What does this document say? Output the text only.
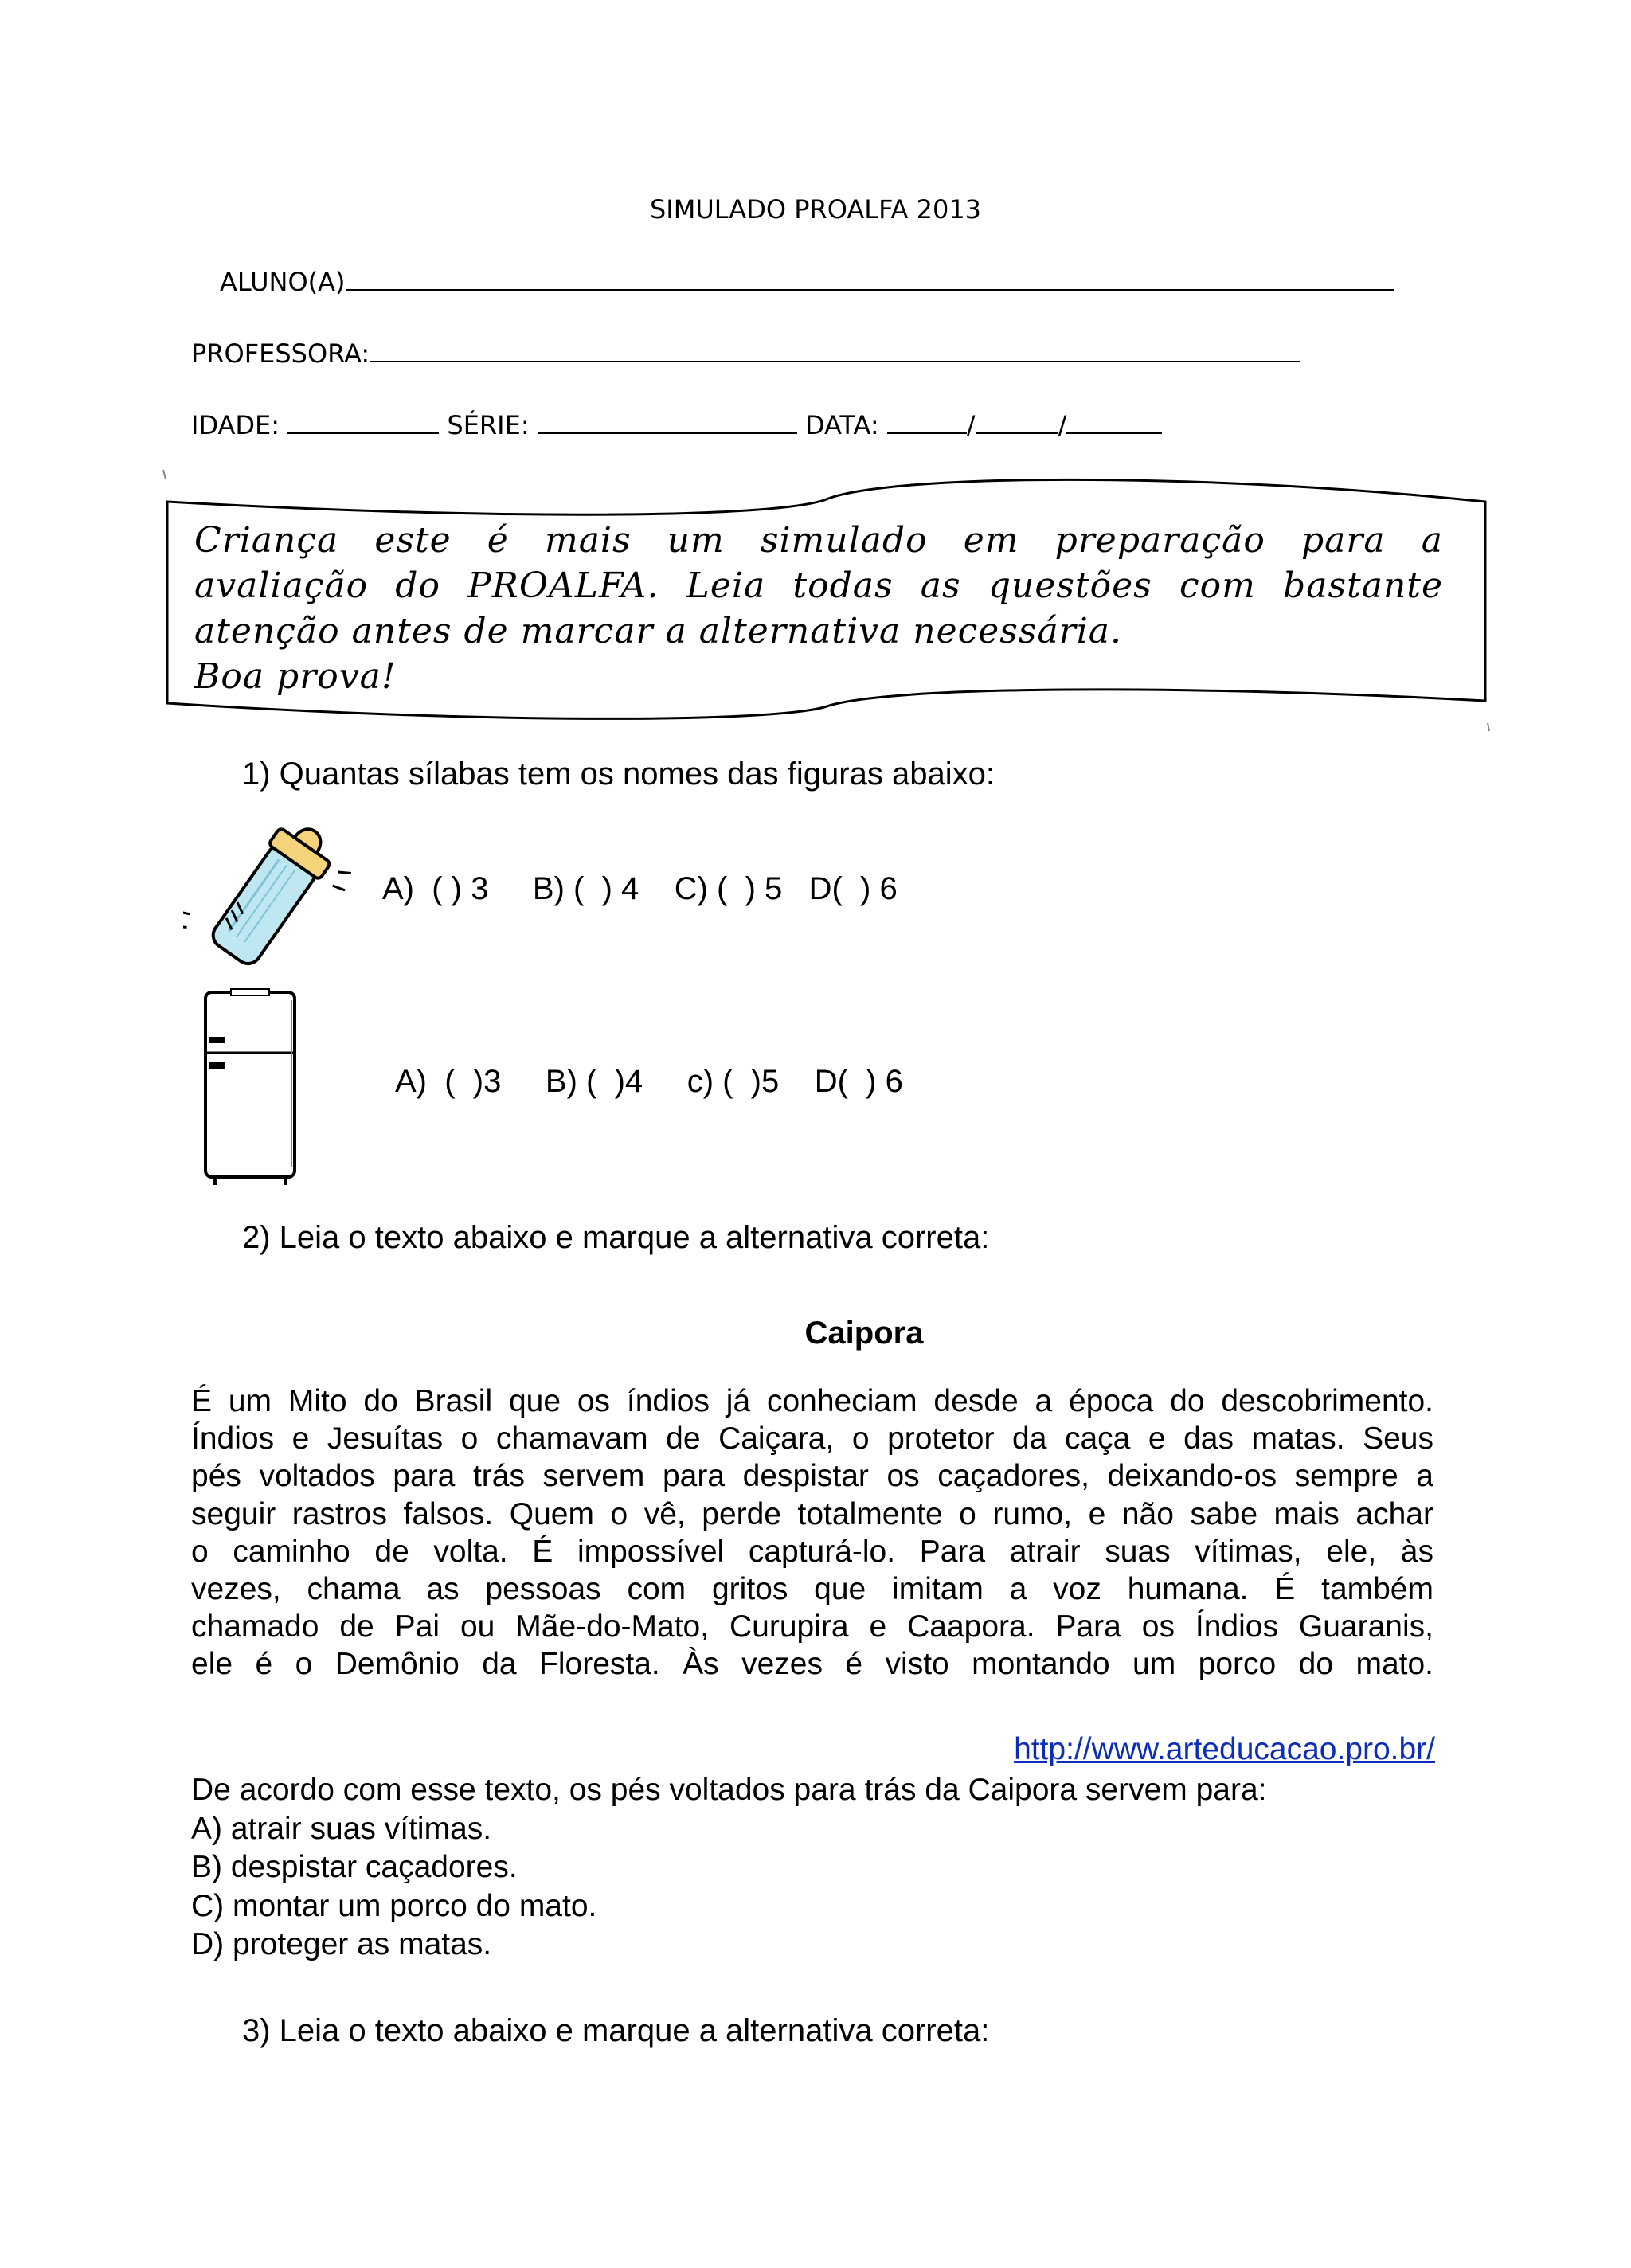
SIMULADO PROALFA 2013
ALUNO(A)
PROFESSORA:
IDADE:	SÉRIE:	DATA:	/	/
Criança este é mais um simulado em preparação para a
avaliação do PROALFA. Leia todas as questões com bastante
atenção antes de marcar a alternativa necessária.
Boa prova!
1) Quantas sílabas tem os nomes das figuras abaixo:
A)  ( ) 3     B) (  ) 4    C) (  ) 5   D(  ) 6
A)  (  )3     B) (  )4     c) (  )5    D(  ) 6
2) Leia o texto abaixo e marque a alternativa correta:
Caipora
É um Mito do Brasil que os índios já conheciam desde a época do descobrimento.
Índios e Jesuítas o chamavam de Caiçara, o protetor da caça e das matas. Seus
pés voltados para trás servem para despistar os caçadores, deixando-os sempre a
seguir rastros falsos. Quem o vê, perde totalmente o rumo, e não sabe mais achar
o caminho de volta. É impossível capturá-lo. Para atrair suas vítimas, ele, às
vezes, chama as pessoas com gritos que imitam a voz humana. É também
chamado de Pai ou Mãe-do-Mato, Curupira e Caapora. Para os Índios Guaranis,
ele é o Demônio da Floresta. Às vezes é visto montando um porco do mato.
http://www.arteducacao.pro.br/
De acordo com esse texto, os pés voltados para trás da Caipora servem para:
A) atrair suas vítimas.
B) despistar caçadores.
C) montar um porco do mato.
D) proteger as matas.
3) Leia o texto abaixo e marque a alternativa correta:
